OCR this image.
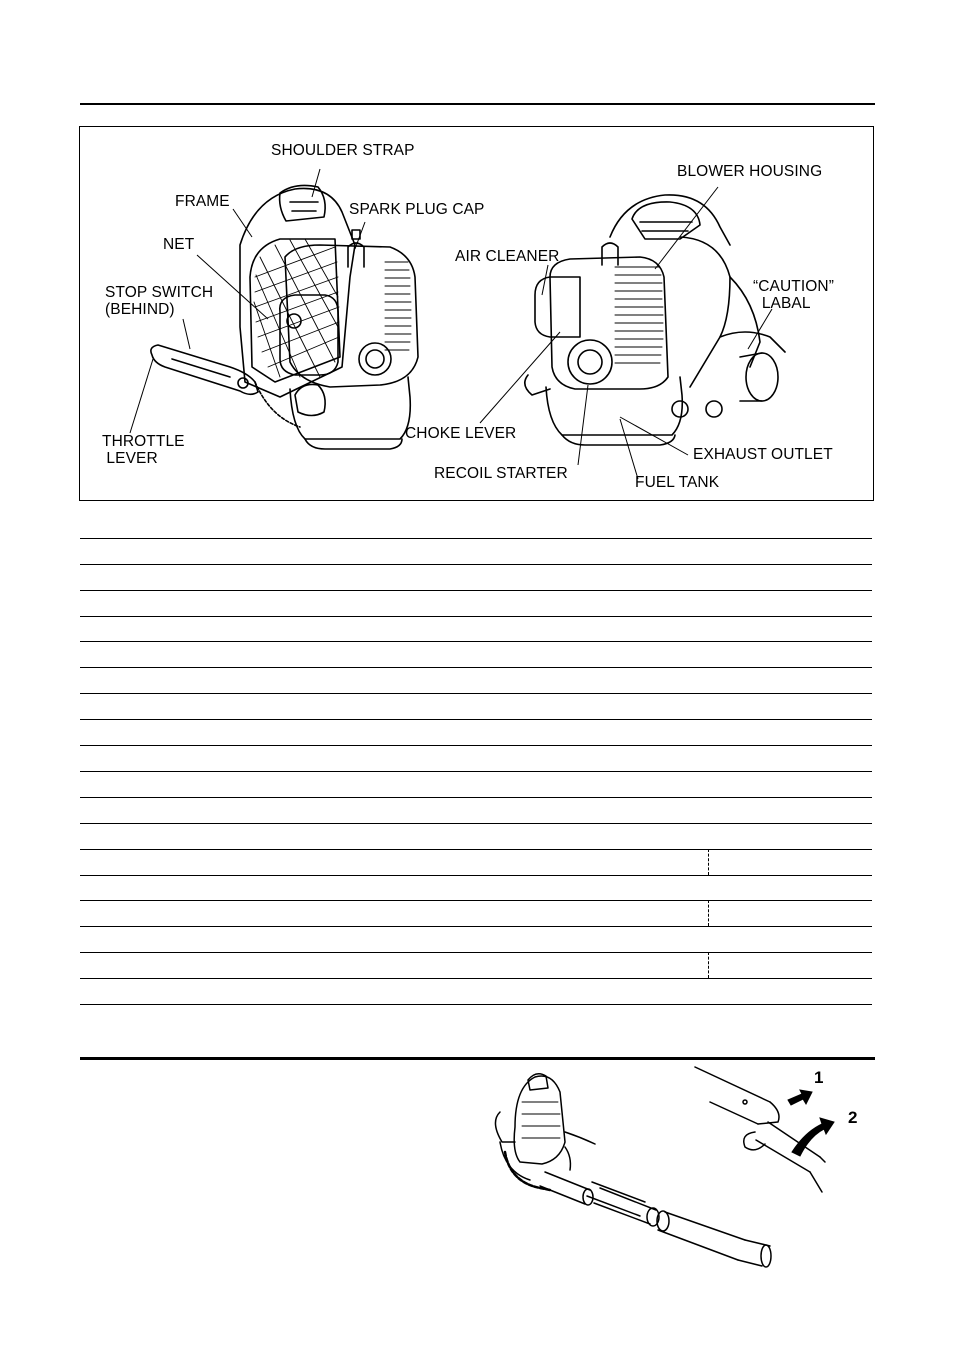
SHOULDER STRAP
FRAME	SPARK PLUG CAP
NET
STOP SWITCH
(BEHIND)
THROTTLE
LEVER
BLOWER HOUSING
AIR CLEANER
“CAUTION”
LABAL
CHOKE LEVER
RECOIL STARTER
EXHAUST OUTLET
FUEL TANK
1
2
